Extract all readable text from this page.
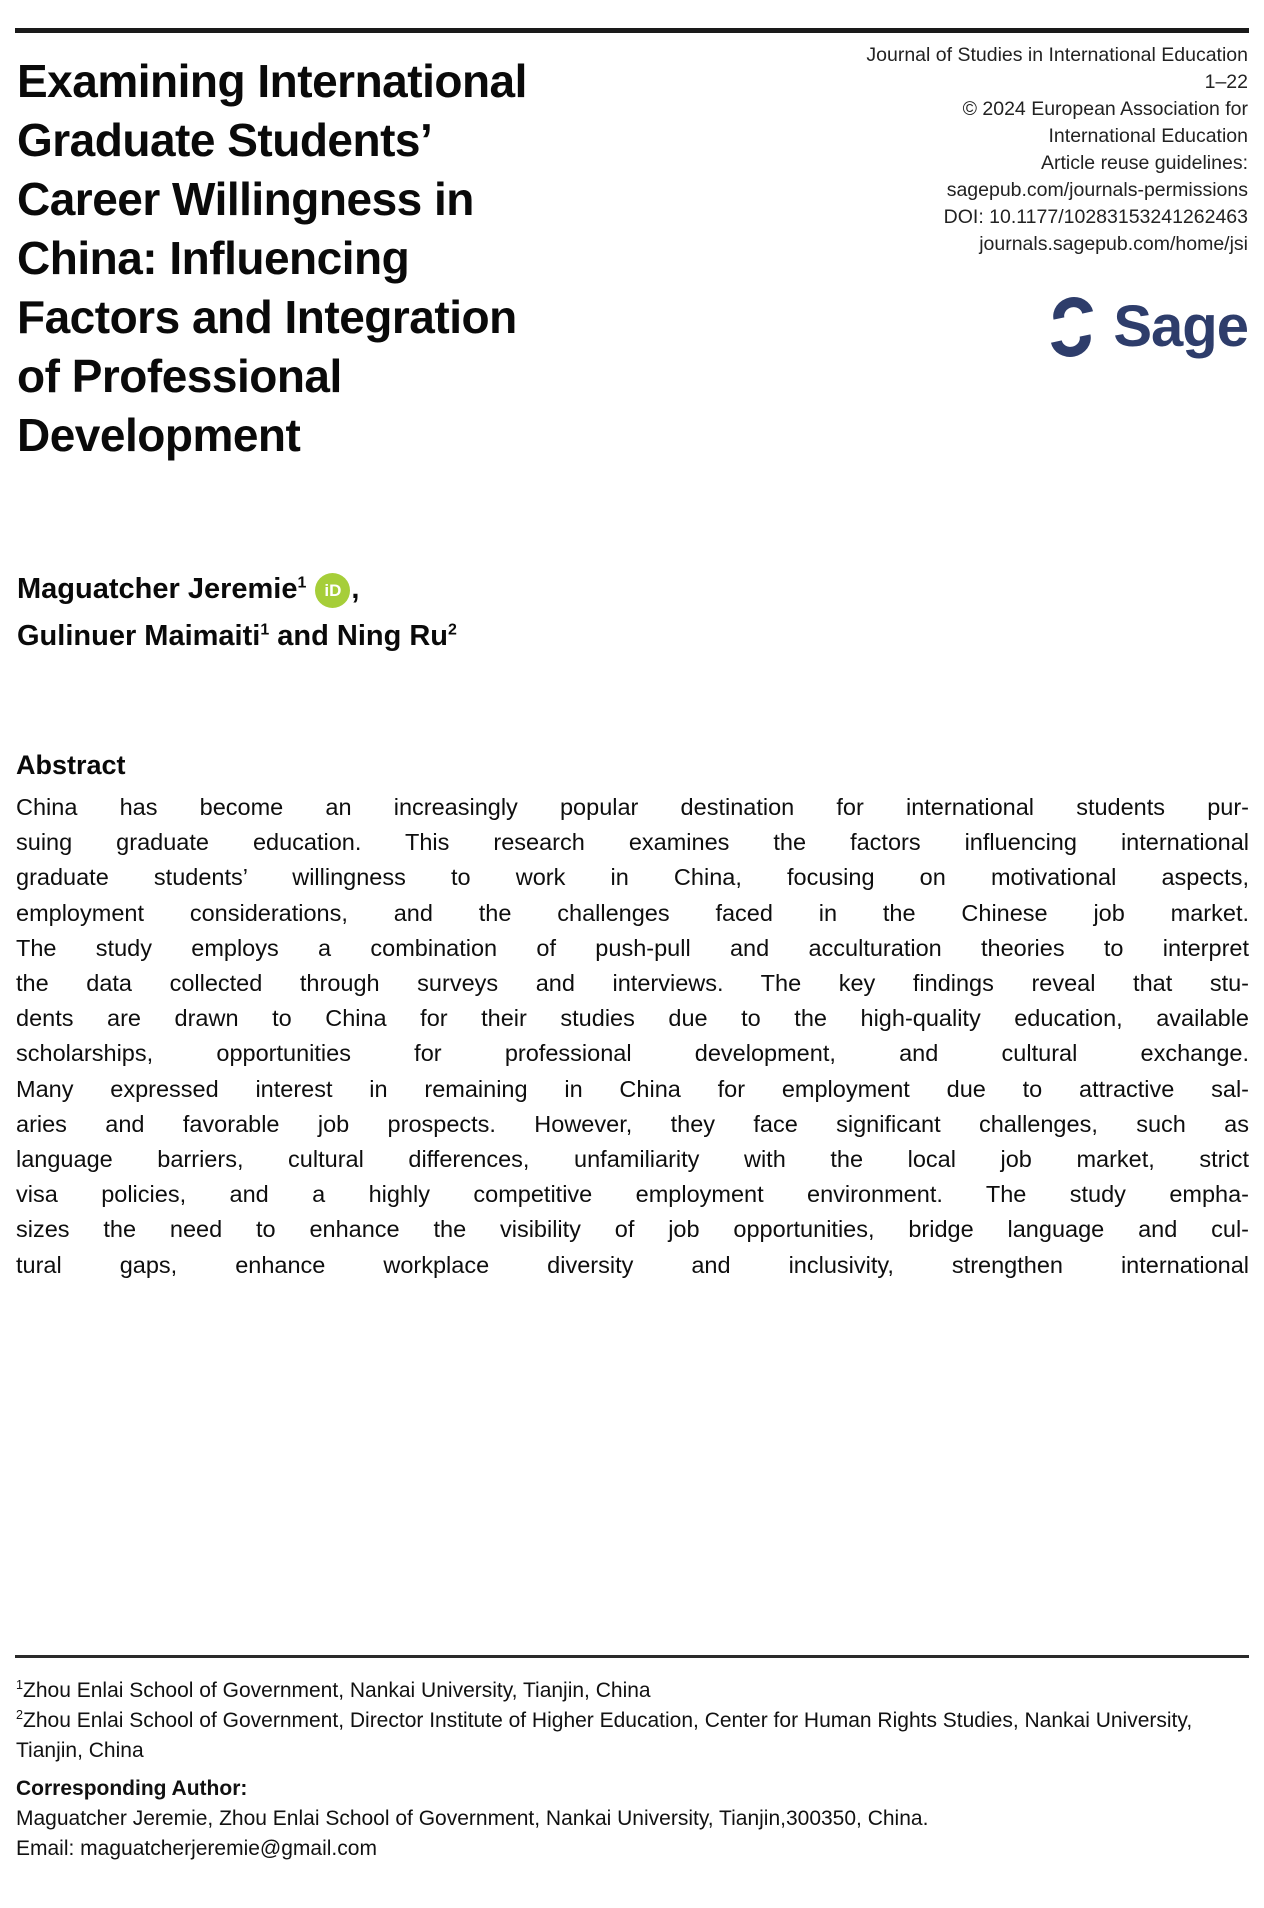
Journal of Studies in International Education
1–22
© 2024 European Association for
International Education
Article reuse guidelines:
sagepub.com/journals-permissions
DOI: 10.1177/10283153241262463
journals.sagepub.com/home/jsi
Sage
Examining International
Graduate Students’
Career Willingness in
China: Influencing
Factors and Integration
of Professional
Development
Maguatcher Jeremie$^1$ iD ,
Gulinuer Maimaiti$^1$ and Ning Ru$^2$
Abstract
China has become an increasingly popular destination for international students pur-
suing graduate education. This research examines the factors influencing international
graduate students’ willingness to work in China, focusing on motivational aspects,
employment considerations, and the challenges faced in the Chinese job market.
The study employs a combination of push-pull and acculturation theories to interpret
the data collected through surveys and interviews. The key findings reveal that stu-
dents are drawn to China for their studies due to the high-quality education, available
scholarships, opportunities for professional development, and cultural exchange.
Many expressed interest in remaining in China for employment due to attractive sal-
aries and favorable job prospects. However, they face significant challenges, such as
language barriers, cultural differences, unfamiliarity with the local job market, strict
visa policies, and a highly competitive employment environment. The study empha-
sizes the need to enhance the visibility of job opportunities, bridge language and cul-
tural gaps, enhance workplace diversity and inclusivity, strengthen international
$^1$Zhou Enlai School of Government, Nankai University, Tianjin, China
$^2$Zhou Enlai School of Government, Director Institute of Higher Education, Center for Human Rights Studies, Nankai University, Tianjin, China
Corresponding Author:
Maguatcher Jeremie, Zhou Enlai School of Government, Nankai University, Tianjin,300350, China.
Email: maguatcherjeremie@gmail.com
